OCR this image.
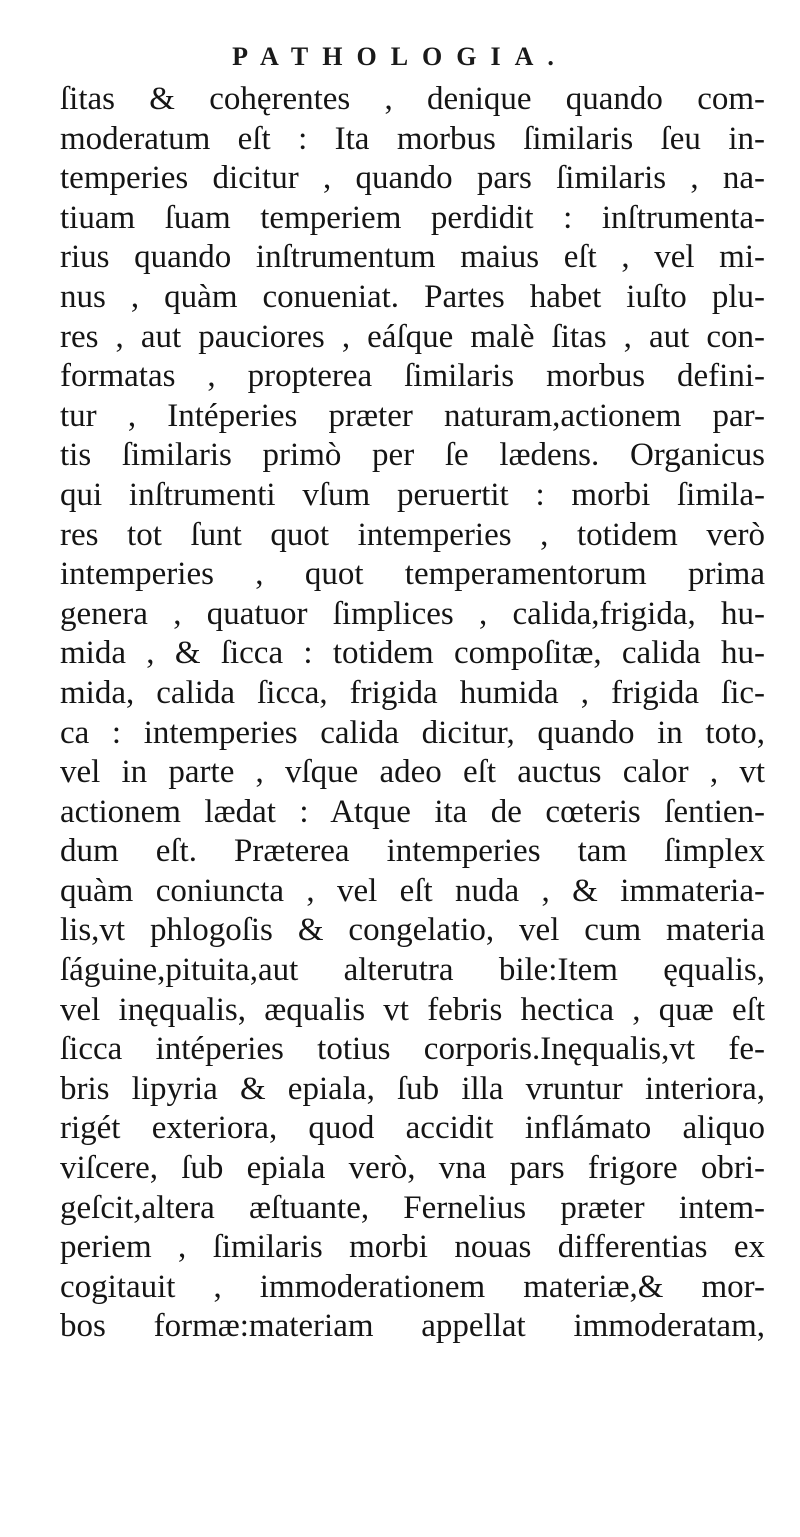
PATHOLOGIA.
ſitas & cohęrentes , denique quando com-
moderatum eſt : Ita morbus ſimilaris ſeu in-
temperies dicitur , quando pars ſimilaris , na-
tiuam ſuam temperiem perdidit : inſtrumenta-
rius quando inſtrumentum maius eſt , vel mi-
nus , quàm conueniat. Partes habet iuſto plu-
res , aut pauciores , eáſque malè ſitas , aut con-
formatas , propterea ſimilaris morbus defini-
tur , Intéperies prӕter naturam,actionem par-
tis ſimilaris primò per ſe lӕdens. Organicus
qui inſtrumenti vſum peruertit : morbi ſimila-
res tot ſunt quot intemperies , totidem verò
intemperies , quot temperamentorum prima
genera , quatuor ſimplices , calida,frigida, hu-
mida , & ſicca : totidem compoſitӕ, calida hu-
mida, calida ſicca, frigida humida , frigida ſic-
ca : intemperies calida dicitur, quando in toto,
vel in parte , vſque adeo eſt auctus calor , vt
actionem lӕdat : Atque ita de cœteris ſentien-
dum eſt. Prӕterea intemperies tam ſimplex
quàm coniuncta , vel eſt nuda , & immateria-
lis,vt phlogoſis & congelatio, vel cum materia
ſáguine,pituita,aut alterutra bile:Item ęqualis,
vel inęqualis, ӕqualis vt febris hectica , quӕ eſt
ſicca intéperies totius corporis.Inęqualis,vt fe-
bris lipyria & epiala, ſub illa vruntur interiora,
rigét exteriora, quod accidit inflámato aliquo
viſcere, ſub epiala verò, vna pars frigore obri-
geſcit,altera ӕſtuante, Fernelius prӕter intem-
periem , ſimilaris morbi nouas differentias ex
cogitauit , immoderationem materiӕ,& mor-
bos formӕ:materiam appellat immoderatam,
